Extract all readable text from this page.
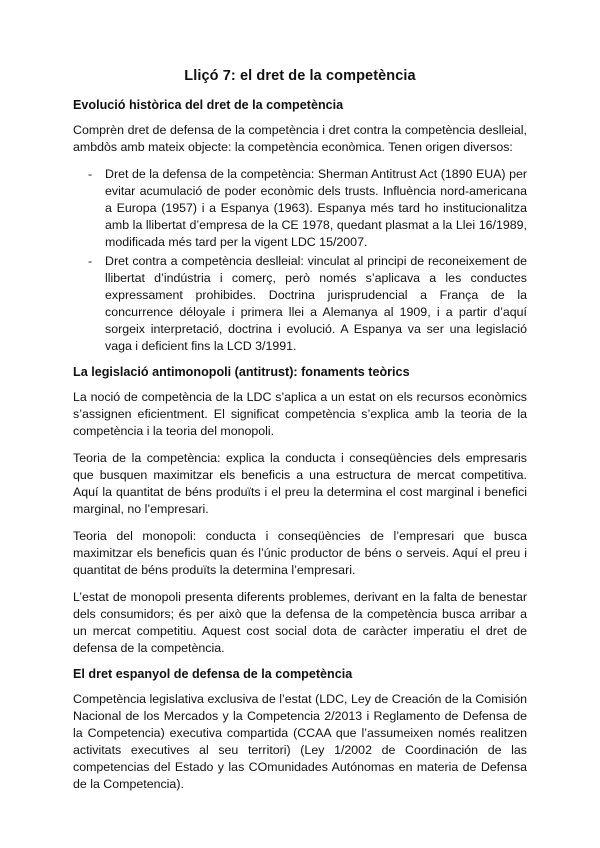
Lliçó 7: el dret de la competència
Evolució històrica del dret de la competència

Comprèn dret de defensa de la competència i dret contra la competència deslleial, ambdòs amb mateix objecte: la competència econòmica. Tenen origen diversos:

- Dret de la defensa de la competència: Sherman Antitrust Act (1890 EUA) per evitar acumulació de poder econòmic dels trusts. Influència nord-americana a Europa (1957) i a Espanya (1963). Espanya més tard ho institucionalitza amb la llibertat d’empresa de la CE 1978, quedant plasmat a la Llei 16/1989, modificada més tard per la vigent LDC 15/2007.
- Dret contra a competència deslleial: vinculat al principi de reconeixement de llibertat d’indústria i comerç, però només s’aplicava a les conductes expressament prohibides. Doctrina jurisprudencial a França de la concurrence déloyale i primera llei a Alemanya al 1909, i a partir d’aquí sorgeix interpretació, doctrina i evolució. A Espanya va ser una legislació vaga i deficient fins la LCD 3/1991.
La legislació antimonopoli (antitrust): fonaments teòrics

La noció de competència de la LDC s’aplica a un estat on els recursos econòmics s’assignen eficientment. El significat competència s’explica amb la teoria de la competència i la teoria del monopoli.

Teoria de la competència: explica la conducta i conseqüències dels empresaris que busquen maximitzar els beneficis a una estructura de mercat competitiva. Aquí la quantitat de béns produïts i el preu la determina el cost marginal i benefici marginal, no l’empresari.

Teoria del monopoli: conducta i conseqüències de l’empresari que busca maximitzar els beneficis quan és l’únic productor de béns o serveis. Aquí el preu i quantitat de béns produïts la determina l’empresari.

L’estat de monopoli presenta diferents problemes, derivant en la falta de benestar dels consumidors; és per això que la defensa de la competència busca arribar a un mercat competitiu. Aquest cost social dota de caràcter imperatiu el dret de defensa de la competència.

El dret espanyol de defensa de la competència

Competència legislativa exclusiva de l’estat (LDC, Ley de Creación de la Comisión Nacional de los Mercados y la Competencia 2/2013 i Reglamento de Defensa de la Competencia) executiva compartida (CCAA que l’assumeixen només realitzen activitats executives al seu territori) (Ley 1/2002 de Coordinación de las competencias del Estado y las COmunidades Autónomas en materia de Defensa de la Competencia).
